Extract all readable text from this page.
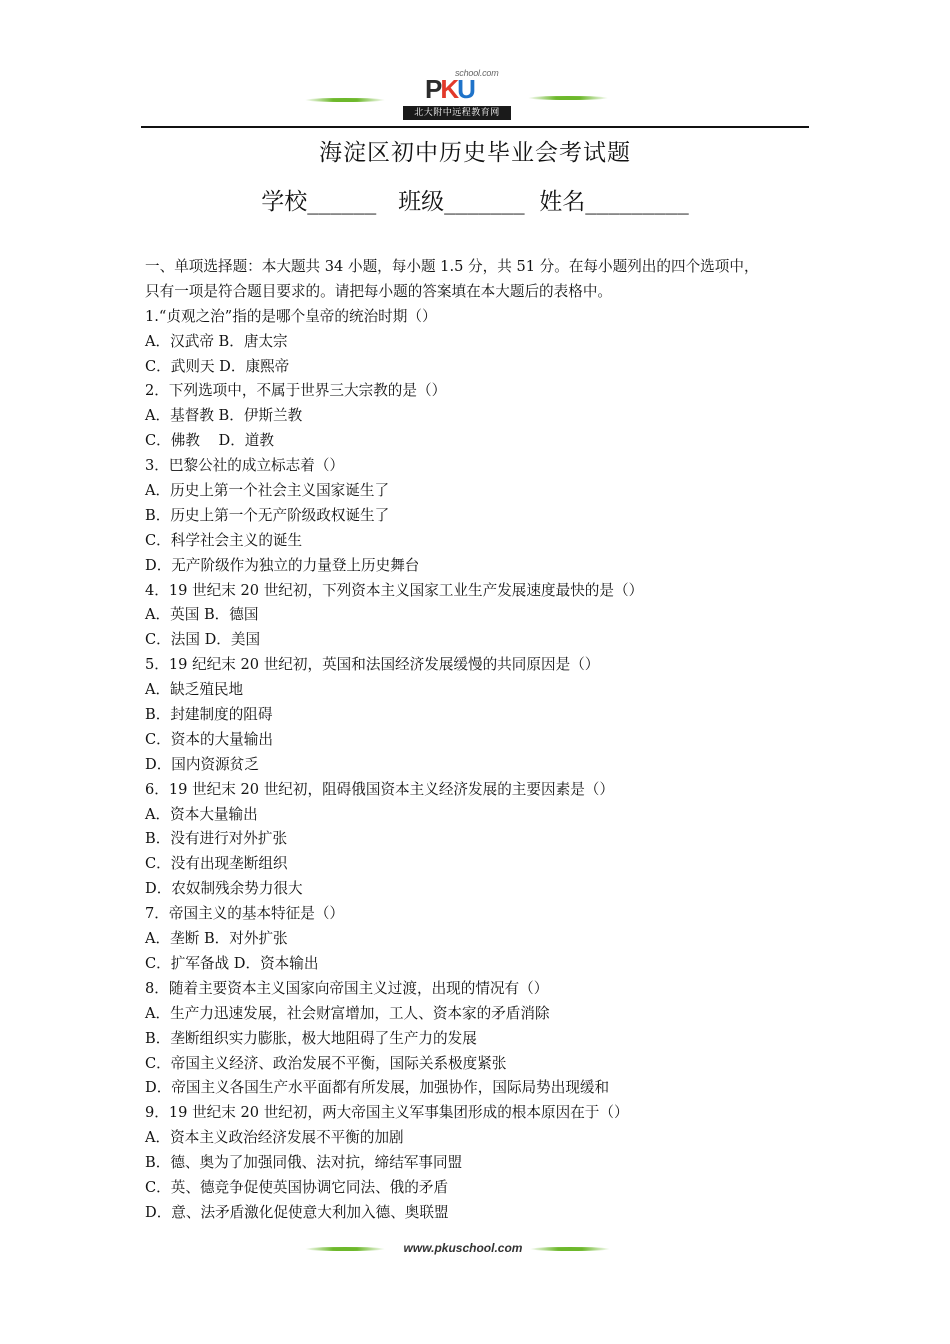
school.com
PKU
北大附中远程教育网
海淀区初中历史毕业会考试题
学校______   班级_______  姓名_________
一、单项选择题：本大题共 34 小题，每小题 1.5 分，共 51 分。在每小题列出的四个选项中，
只有一项是符合题目要求的。请把每小题的答案填在本大题后的表格中。
1.“贞观之治”指的是哪个皇帝的统治时期（）
A．汉武帝 B．唐太宗
C．武则天 D．康熙帝
2．下列选项中，不属于世界三大宗教的是（）
A．基督教 B．伊斯兰教
C．佛教    D．道教
3．巴黎公社的成立标志着（）
A．历史上第一个社会主义国家诞生了
B．历史上第一个无产阶级政权诞生了
C．科学社会主义的诞生
D．无产阶级作为独立的力量登上历史舞台
4．19 世纪末 20 世纪初，下列资本主义国家工业生产发展速度最快的是（）
A．英国 B．德国
C．法国 D．美国
5．19 纪纪末 20 世纪初，英国和法国经济发展缓慢的共同原因是（）
A．缺乏殖民地
B．封建制度的阻碍
C．资本的大量输出
D．国内资源贫乏
6．19 世纪末 20 世纪初，阻碍俄国资本主义经济发展的主要因素是（）
A．资本大量输出
B．没有进行对外扩张
C．没有出现垄断组织
D．农奴制残余势力很大
7．帝国主义的基本特征是（）
A．垄断 B．对外扩张
C．扩军备战 D．资本输出
8．随着主要资本主义国家向帝国主义过渡，出现的情况有（）
A．生产力迅速发展，社会财富增加，工人、资本家的矛盾消除
B．垄断组织实力膨胀，极大地阻碍了生产力的发展
C．帝国主义经济、政治发展不平衡，国际关系极度紧张
D．帝国主义各国生产水平面都有所发展，加强协作，国际局势出现缓和
9．19 世纪末 20 世纪初，两大帝国主义军事集团形成的根本原因在于（）
A．资本主义政治经济发展不平衡的加剧
B．德、奥为了加强同俄、法对抗，缔结军事同盟
C．英、德竞争促使英国协调它同法、俄的矛盾
D．意、法矛盾激化促使意大利加入德、奥联盟
www.pkuschool.com
